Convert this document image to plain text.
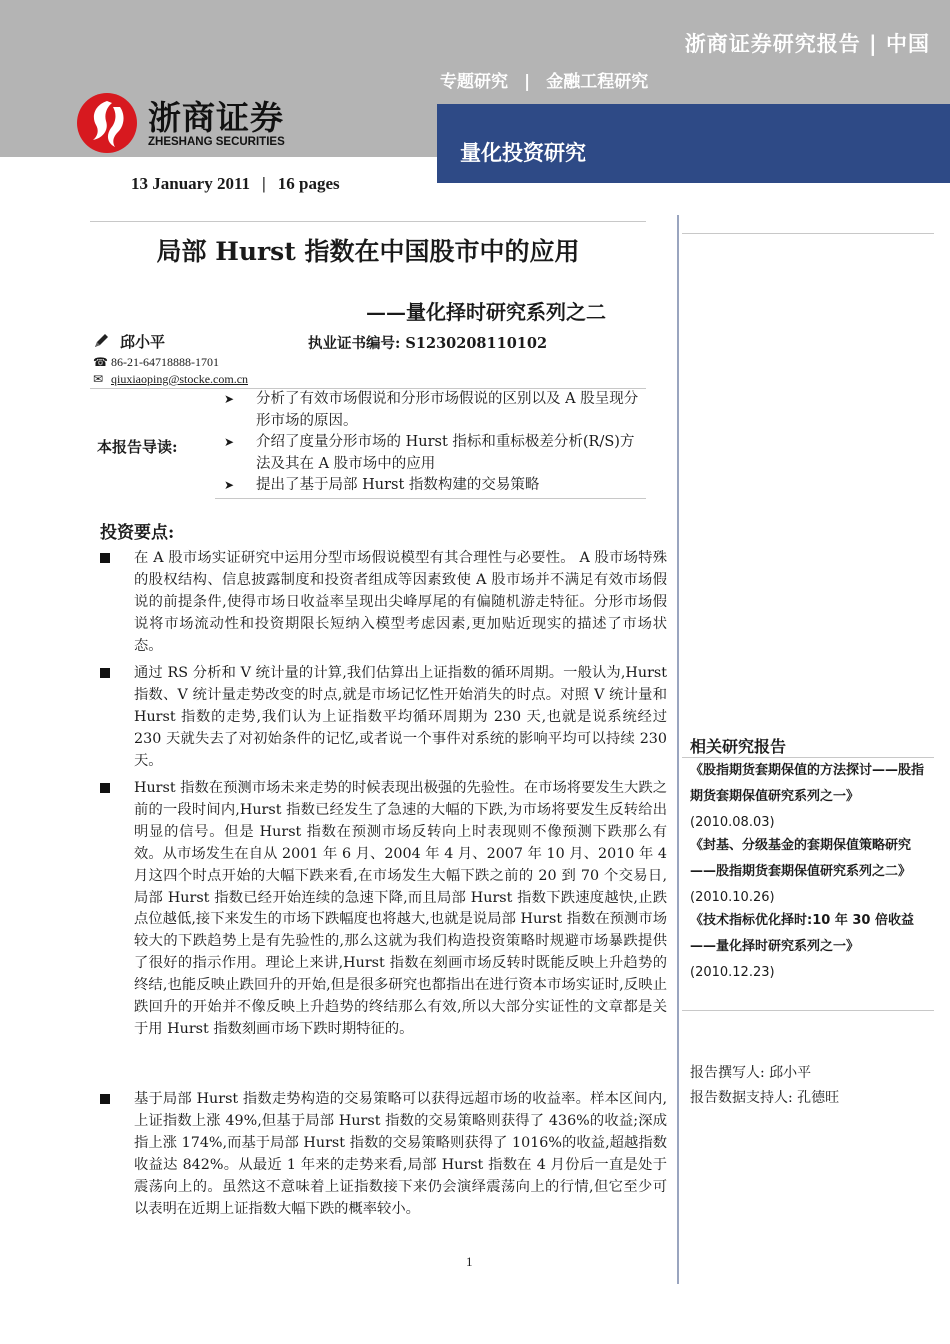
浙商证券研究报告 | 中国
专题研究 | 金融工程研究
量化投资研究
浙商证券
ZHESHANG SECURITIES
13 January 2011 | 16 pages
局部 Hurst 指数在中国股市中的应用
——量化择时研究系列之二
邱小平	执业证书编号: S1230208110102
☎ 86-21-64718888-1701
✉ qiuxiaoping@stocke.com.cn
本报告导读:
➤ 分析了有效市场假说和分形市场假说的区别以及 A 股呈现分形市场的原因。
➤ 介绍了度量分形市场的 Hurst 指标和重标极差分析(R/S)方法及其在 A 股市场中的应用
➤ 提出了基于局部 Hurst 指数构建的交易策略
投资要点:
在 A 股市场实证研究中运用分型市场假说模型有其合理性与必要性。 A 股市场特殊的股权结构、信息披露制度和投资者组成等因素致使 A 股市场并不满足有效市场假说的前提条件,使得市场日收益率呈现出尖峰厚尾的有偏随机游走特征。分形市场假说将市场流动性和投资期限长短纳入模型考虑因素,更加贴近现实的描述了市场状态。
通过 RS 分析和 V 统计量的计算,我们估算出上证指数的循环周期。一般认为,Hurst 指数、V 统计量走势改变的时点,就是市场记忆性开始消失的时点。对照 V 统计量和 Hurst 指数的走势,我们认为上证指数平均循环周期为 230 天,也就是说系统经过 230 天就失去了对初始条件的记忆,或者说一个事件对系统的影响平均可以持续 230 天。
Hurst 指数在预测市场未来走势的时候表现出极强的先验性。在市场将要发生大跌之前的一段时间内,Hurst 指数已经发生了急速的大幅的下跌,为市场将要发生反转给出明显的信号。但是 Hurst 指数在预测市场反转向上时表现则不像预测下跌那么有效。从市场发生在自从 2001 年 6 月、2004 年 4 月、2007 年 10 月、2010 年 4 月这四个时点开始的大幅下跌来看,在市场发生大幅下跌之前的 20 到 70 个交易日,局部 Hurst 指数已经开始连续的急速下降,而且局部 Hurst 指数下跌速度越快,止跌点位越低,接下来发生的市场下跌幅度也将越大,也就是说局部 Hurst 指数在预测市场较大的下跌趋势上是有先验性的,那么这就为我们构造投资策略时规避市场暴跌提供了很好的指示作用。理论上来讲,Hurst 指数在刻画市场反转时既能反映上升趋势的终结,也能反映止跌回升的开始,但是很多研究也都指出在进行资本市场实证时,反映止跌回升的开始并不像反映上升趋势的终结那么有效,所以大部分实证性的文章都是关于用 Hurst 指数刻画市场下跌时期特征的。
基于局部 Hurst 指数走势构造的交易策略可以获得远超市场的收益率。样本区间内,上证指数上涨 49%,但基于局部 Hurst 指数的交易策略则获得了 436%的收益;深成指上涨 174%,而基于局部 Hurst 指数的交易策略则获得了 1016%的收益,超越指数收益达 842%。从最近 1 年来的走势来看,局部 Hurst 指数在 4 月份后一直是处于震荡向上的。虽然这不意味着上证指数接下来仍会演绎震荡向上的行情,但它至少可以表明在近期上证指数大幅下跌的概率较小。
1
相关研究报告
《股指期货套期保值的方法探讨——股指期货套期保值研究系列之一》
(2010.08.03)
《封基、分级基金的套期保值策略研究——股指期货套期保值研究系列之二》
(2010.10.26)
《技术指标优化择时:10 年 30 倍收益——量化择时研究系列之一》
(2010.12.23)
报告撰写人: 邱小平
报告数据支持人: 孔德旺
